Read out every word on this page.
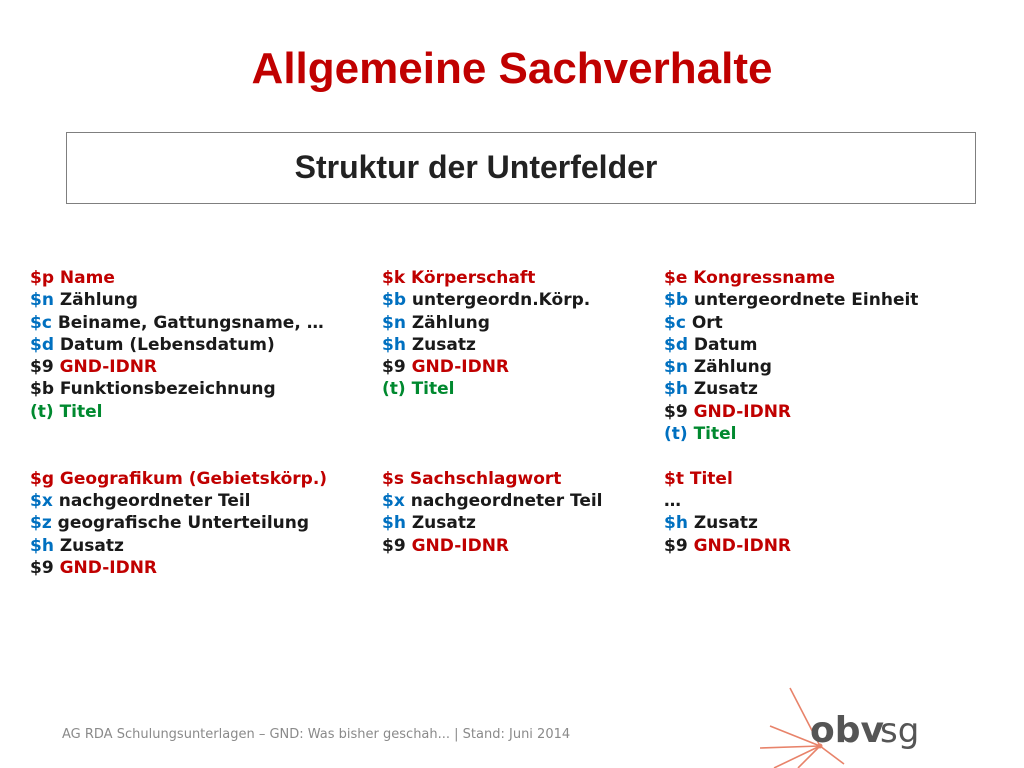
Allgemeine Sachverhalte
Struktur der Unterfelder
$p Name
$n Zählung
$c Beiname, Gattungsname, …
$d Datum (Lebensdatum)
$9 GND-IDNR
$b Funktionsbezeichnung
(t) Titel
$g Geografikum (Gebietskörp.)
$x nachgeordneter Teil
$z geografische Unterteilung
$h Zusatz
$9 GND-IDNR
$k Körperschaft
$b untergeordn.Körp.
$n Zählung
$h Zusatz
$9 GND-IDNR
(t) Titel
$s Sachschlagwort
$x nachgeordneter Teil
$h Zusatz
$9 GND-IDNR
$e Kongressname
$b untergeordnete Einheit
$c Ort
$d Datum
$n Zählung
$h Zusatz
$9 GND-IDNR
(t) Titel
$t Titel
…
$h Zusatz
$9 GND-IDNR
AG RDA Schulungsunterlagen – GND: Was bisher geschah... | Stand: Juni 2014	obv
sg
